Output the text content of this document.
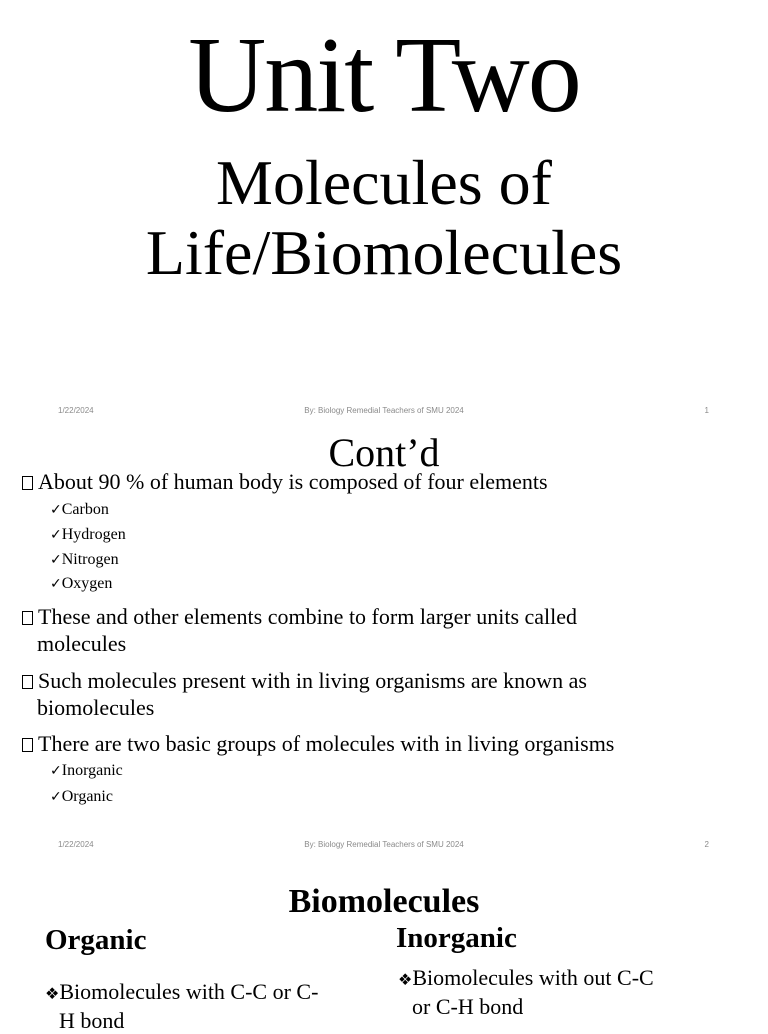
Unit Two
Molecules of
Life/Biomolecules
1/22/2024	By: Biology Remedial Teachers of SMU 2024	1
Cont’d
About 90 % of human body is composed of four elements
✓Carbon
✓Hydrogen
✓Nitrogen
✓Oxygen
These and other elements combine to form larger units called
molecules
Such molecules present with in living organisms are known as
biomolecules
There are two basic groups of molecules with in living organisms
✓Inorganic
✓Organic
1/22/2024	By: Biology Remedial Teachers of SMU 2024	2
Biomolecules
Organic	Inorganic
❖Biomolecules with C-C or C-
H bond
❖Biomolecules with out C-C
or C-H bond
